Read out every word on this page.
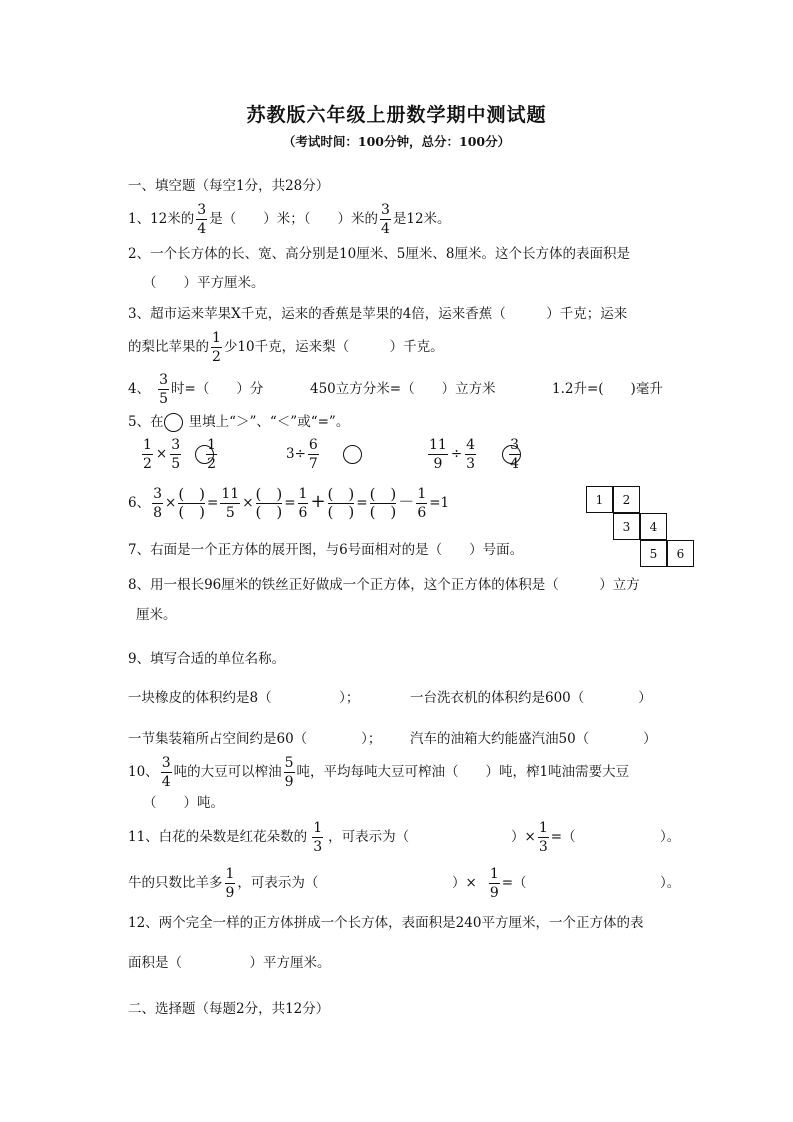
苏教版六年级上册数学期中测试题
（考试时间：100分钟，总分：100分）
一、填空题（每空1分，共28分）
1、12米的 $\frac{3}{4}$ 是（　　）米；（　　）米的 $\frac{3}{4}$ 是12米。
2、一个长方体的长、宽、高分别是10厘米、5厘米、8厘米。这个长方体的表面积是
（　　）平方厘米。
3、超市运来苹果X千克，运来的香蕉是苹果的4倍，运来香蕉（　　　）千克；运来
的梨比苹果的 $\frac{1}{2}$ 少10千克，运来梨（　　　）千克。
4、 $\frac{3}{5}$ 时=（　　）分	450立方分米=（　　）立方米	1.2升=(　　)毫升
5、在 里填上“＞”、“＜”或“=”。
$\frac{1}{2} \times \frac{3}{5} \frac{1}{2}$	$3\div \frac{6}{7}$	$\frac{11}{9} \div \frac{4}{3} \frac{3}{4}$
6、 $\frac{3}{8}$ × (　)
(　) = $\frac{11}{5}$ × (　)
(　) = $\frac{1}{6}$ + (　)
(　) = (　)
(　)
－ $\frac{1}{6} =1$	1	2
3	4
5	6
7、右面是一个正方体的展开图，与6号面相对的是（　　）号面。
8、用一根长96厘米的铁丝正好做成一个正方体，这个正方体的体积是（　　　）立方
厘米。
9、填写合适的单位名称。
一块橡皮的体积约是8（　　　　　）；	一台洗衣机的体积约是600（　　　　）
一节集装箱所占空间约是60（　　　　）； 汽车的油箱大约能盛汽油50（　　　　）
10、 $\frac{3}{4}$ 吨的大豆可以榨油 $\frac{5}{9}$ 吨，平均每吨大豆可榨油（　　）吨，榨1吨油需要大豆
（　　）吨。
11、白花的朵数是红花朵数的 $\frac{1}{3}$ ，可表示为（	）× $\frac{1}{3}$ =（	）。
牛的只数比羊多 $\frac{1}{9}$ ，可表示为（	）× $\frac{1}{9}$ =（	）。
12、两个完全一样的正方体拼成一个长方体，表面积是240平方厘米，一个正方体的表
面积是（　　　　　）平方厘米。
二、选择题（每题2分，共12分）
